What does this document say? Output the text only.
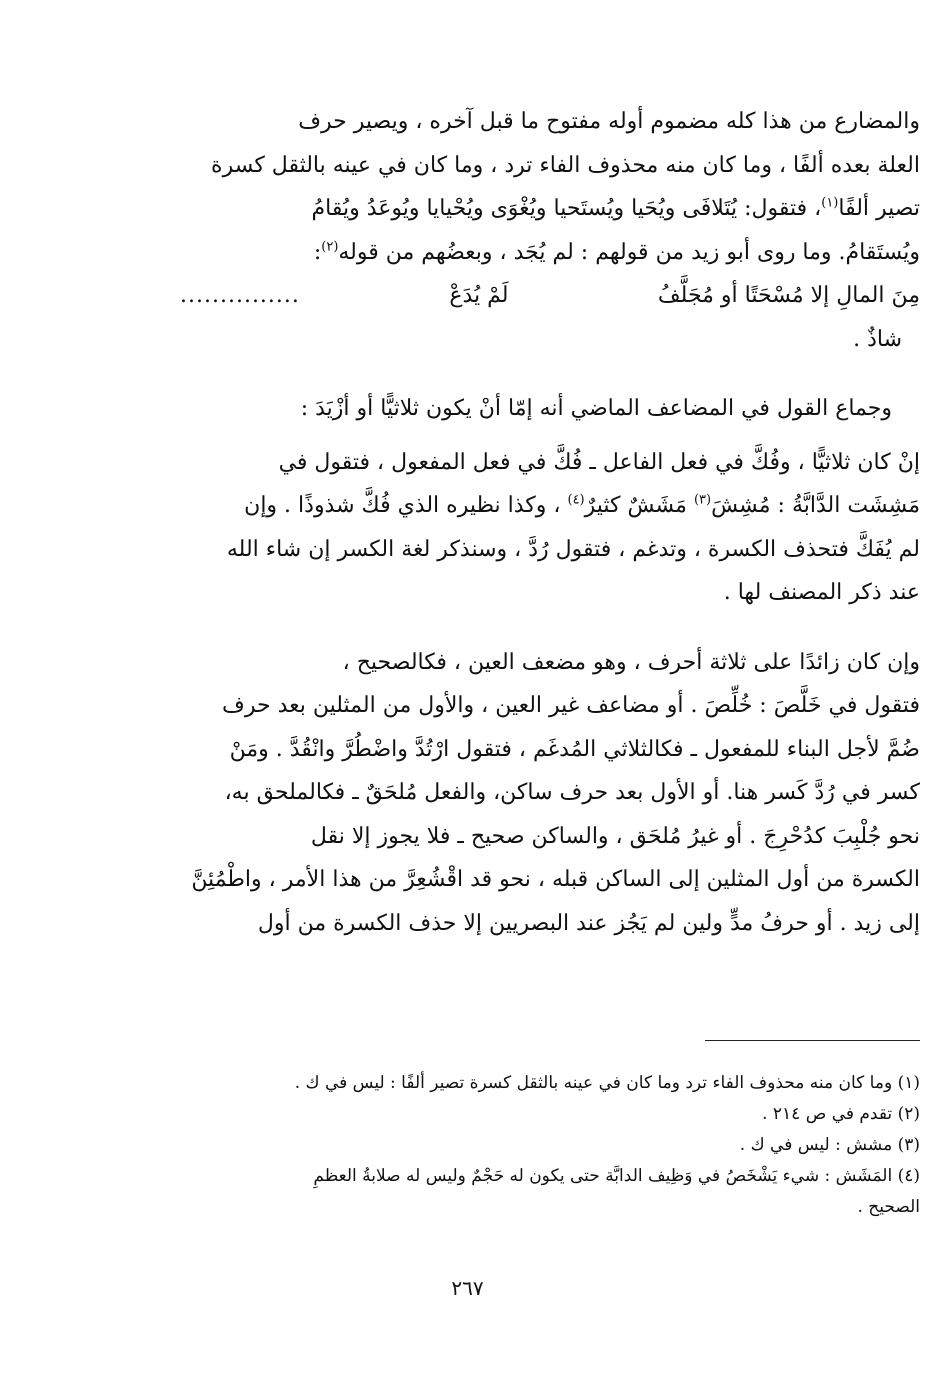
والمضارع من هذا كله مضموم أوله مفتوح ما قبل آخره ، ويصير حرف
العلة بعده ألفًا ، وما كان منه محذوف الفاء ترد ، وما كان في عينه بالثقل كسرة
تصير ألفًا$^{(١)}$، فتقول: يُتَلافَى ويُحَيا ويُستَحيا ويُغْوَى ويُحْيايا ويُوعَدُ ويُقامُ
ويُستَقامُ. وما روى أبو زيد من قولهم : لم يُجَد ، وبعضُهم من قوله$^{(٢)}$:

مِنَ المالِ إلا مُسْحَتًا أو مُجَلَّفُ
لَمْ يُدَعْ
...............

شاذٌ .

وجماع القول في المضاعف الماضي أنه إمّا أنْ يكون ثلاثيًّا أو أزْيَدَ :

إنْ كان ثلاثيًّا ، وفُكَّ في فعل الفاعل ـ فُكَّ في فعل المفعول ، فتقول في
مَشِشَت الدَّابَّةُ : مُشِشَ$^{(٣)}$ مَشَشٌ كثيرٌ$^{(٤)}$ ، وكذا نظيره الذي فُكَّ شذوذًا . وإن
لم يُفَكَّ فتحذف الكسرة ، وتدغم ، فتقول رُدَّ ، وسنذكر لغة الكسر إن شاء الله
عند ذكر المصنف لها .

وإن كان زائدًا على ثلاثة أحرف ، وهو مضعف العين ، فكالصحيح ،
فتقول في خَلَّصَ : خُلِّصَ . أو مضاعف غير العين ، والأول من المثلين بعد حرف
ضُمَّ لأجل البناء للمفعول ـ فكالثلاثي المُدغَم ، فتقول ارْتُدَّ واضْطُرَّ وانْقُدَّ . ومَنْ
كسر في رُدَّ كَسر هنا. أو الأول بعد حرف ساكن، والفعل مُلحَقٌ ـ فكالملحق به،
نحو جُلْبِبَ كدُحْرِجَ . أو غيرُ مُلحَق ، والساكن صحيح ـ فلا يجوز إلا نقل
الكسرة من أول المثلين إلى الساكن قبله ، نحو قد اقْشُعِرَّ من هذا الأمر ، واطْمُئِنَّ
إلى زيد . أو حرفُ مدٍّ ولين لم يَجُز عند البصريين إلا حذف الكسرة من أول

(١) وما كان منه محذوف الفاء ترد وما كان في عينه بالثقل كسرة تصير ألفًا : ليس في ك .

(٢) تقدم في ص ٢١٤ .

(٣) مشش : ليس في ك .

(٤) المَشَش : شيء يَشْخَصُ في وَظِيف الدابَّة حتى يكون له حَجْمٌ وليس له صلابةُ العظمِ

الصحيح .

٢٦٧
